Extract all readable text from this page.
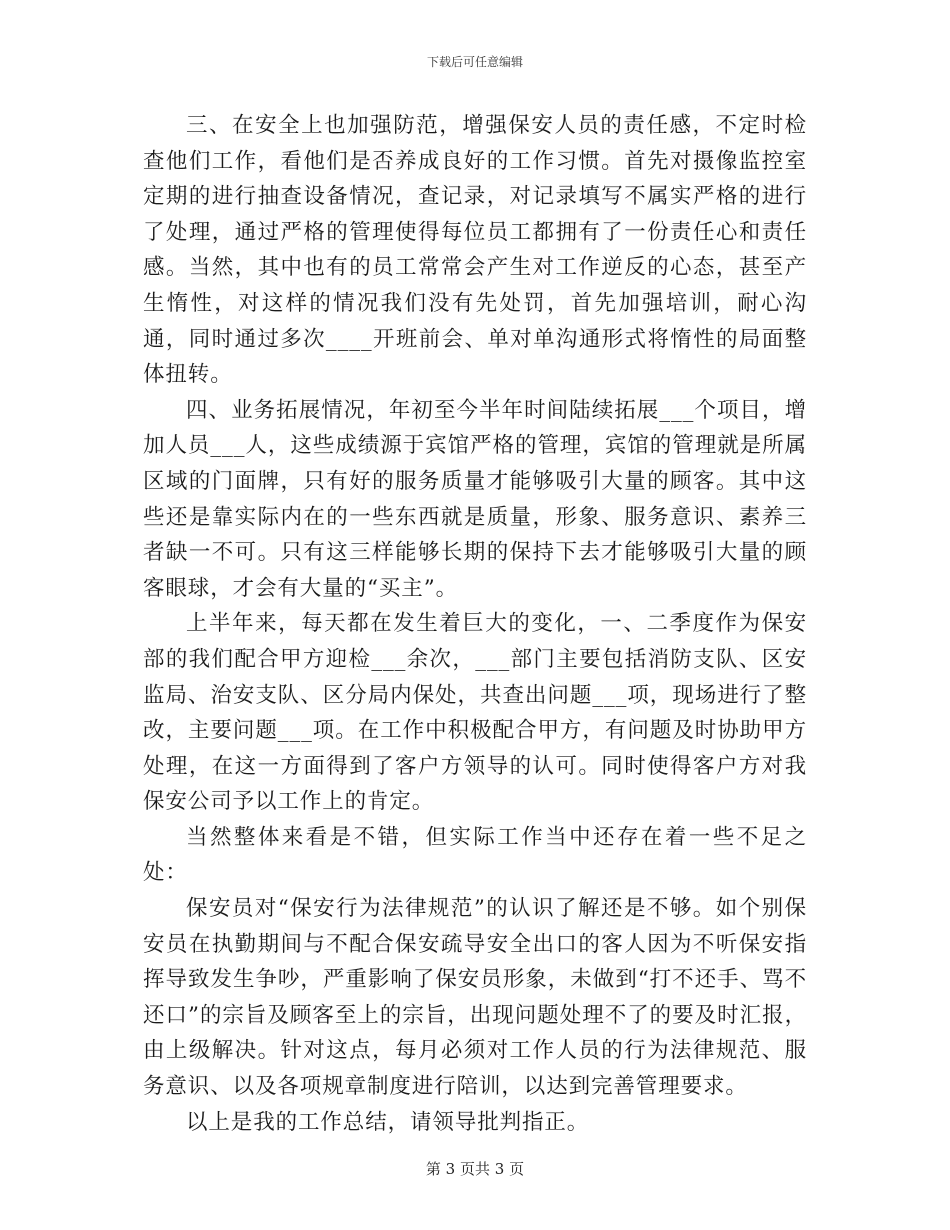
下载后可任意编辑

三、在安全上也加强防范，增强保安人员的责任感，不定时检查他们工作，看他们是否养成良好的工作习惯。首先对摄像监控室定期的进行抽查设备情况，查记录，对记录填写不属实严格的进行了处理，通过严格的管理使得每位员工都拥有了一份责任心和责任感。当然，其中也有的员工常常会产生对工作逆反的心态，甚至产生惰性，对这样的情况我们没有先处罚，首先加强培训，耐心沟通，同时通过多次____开班前会、单对单沟通形式将惰性的局面整体扭转。

四、业务拓展情况，年初至今半年时间陆续拓展___个项目，增加人员___人，这些成绩源于宾馆严格的管理，宾馆的管理就是所属区域的门面牌，只有好的服务质量才能够吸引大量的顾客。其中这些还是靠实际内在的一些东西就是质量，形象、服务意识、素养三者缺一不可。只有这三样能够长期的保持下去才能够吸引大量的顾客眼球，才会有大量的“买主”。

上半年来，每天都在发生着巨大的变化，一、二季度作为保安部的我们配合甲方迎检___余次，___部门主要包括消防支队、区安监局、治安支队、区分局内保处，共查出问题___项，现场进行了整改，主要问题___项。在工作中积极配合甲方，有问题及时协助甲方处理，在这一方面得到了客户方领导的认可。同时使得客户方对我保安公司予以工作上的肯定。

当然整体来看是不错，但实际工作当中还存在着一些不足之处：

保安员对“保安行为法律规范”的认识了解还是不够。如个别保安员在执勤期间与不配合保安疏导安全出口的客人因为不听保安指挥导致发生争吵，严重影响了保安员形象，未做到“打不还手、骂不还口”的宗旨及顾客至上的宗旨，出现问题处理不了的要及时汇报，由上级解决。针对这点，每月必须对工作人员的行为法律规范、服务意识、以及各项规章制度进行陪训，以达到完善管理要求。

以上是我的工作总结，请领导批判指正。

第 3 页共 3 页
